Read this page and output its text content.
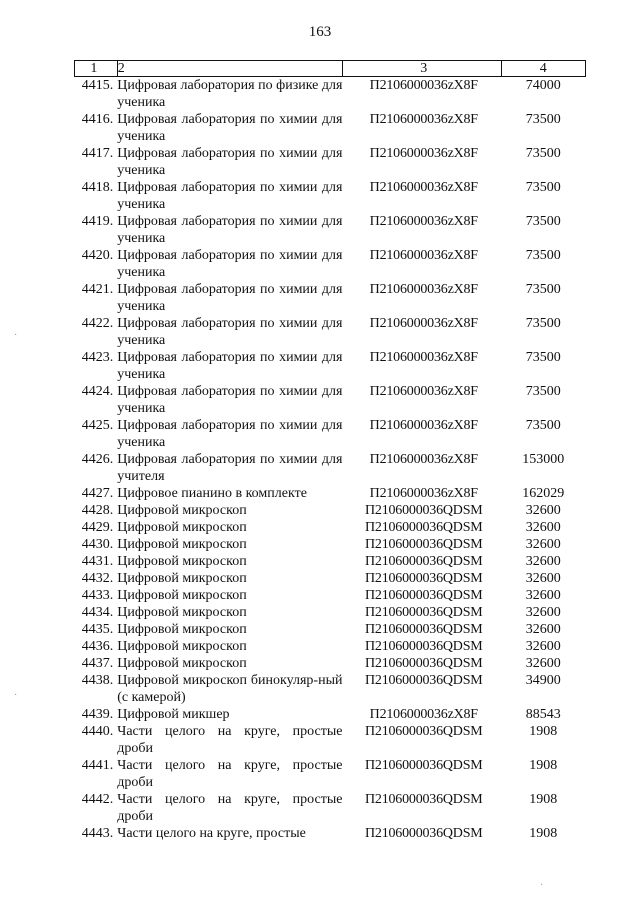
163
1	2	3	4
4415.	Цифровая лаборатория по физике для ученика	П2106000036zX8F	74000
4416.	Цифровая лаборатория по химии для ученика	П2106000036zX8F	73500
4417.	Цифровая лаборатория по химии для ученика	П2106000036zX8F	73500
4418.	Цифровая лаборатория по химии для ученика	П2106000036zX8F	73500
4419.	Цифровая лаборатория по химии для ученика	П2106000036zX8F	73500
4420.	Цифровая лаборатория по химии для ученика	П2106000036zX8F	73500
4421.	Цифровая лаборатория по химии для ученика	П2106000036zX8F	73500
4422.	Цифровая лаборатория по химии для ученика	П2106000036zX8F	73500
4423.	Цифровая лаборатория по химии для ученика	П2106000036zX8F	73500
4424.	Цифровая лаборатория по химии для ученика	П2106000036zX8F	73500
4425.	Цифровая лаборатория по химии для ученика	П2106000036zX8F	73500
4426.	Цифровая лаборатория по химии для учителя	П2106000036zX8F	153000
4427.	Цифровое пианино в комплекте	П2106000036zX8F	162029
4428.	Цифровой микроскоп	П2106000036QDSM	32600
4429.	Цифровой микроскоп	П2106000036QDSM	32600
4430.	Цифровой микроскоп	П2106000036QDSM	32600
4431.	Цифровой микроскоп	П2106000036QDSM	32600
4432.	Цифровой микроскоп	П2106000036QDSM	32600
4433.	Цифровой микроскоп	П2106000036QDSM	32600
4434.	Цифровой микроскоп	П2106000036QDSM	32600
4435.	Цифровой микроскоп	П2106000036QDSM	32600
4436.	Цифровой микроскоп	П2106000036QDSM	32600
4437.	Цифровой микроскоп	П2106000036QDSM	32600
4438.	Цифровой микроскоп бинокуляр-ный (с камерой)	П2106000036QDSM	34900
4439.	Цифровой микшер	П2106000036zX8F	88543
4440.	Части целого на круге, простые дроби	П2106000036QDSM	1908
4441.	Части целого на круге, простые дроби	П2106000036QDSM	1908
4442.	Части целого на круге, простые дроби	П2106000036QDSM	1908
4443.	Части целого на круге, простые	П2106000036QDSM	1908
·
·
·
